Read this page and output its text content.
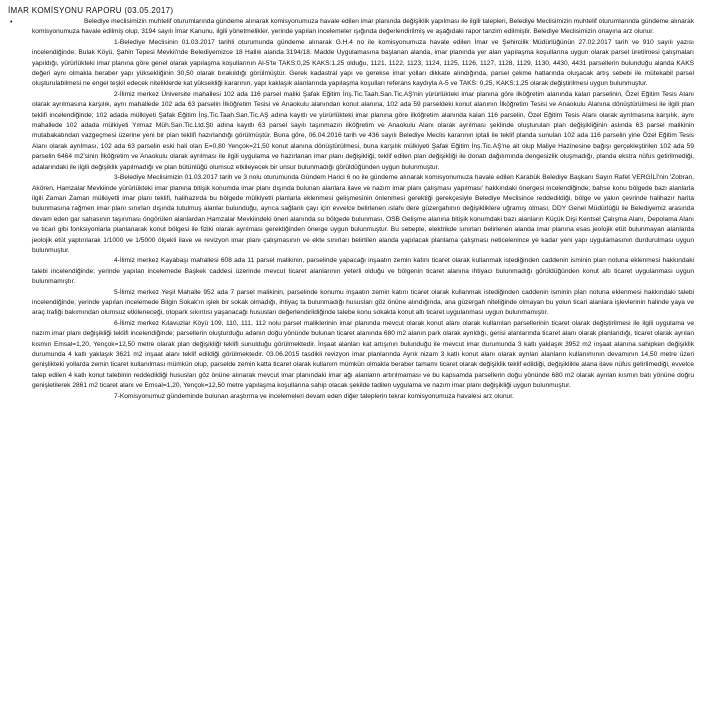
İMAR KOMİSYONU RAPORU (03.05.2017)
•	Belediye meclisimizin muhtelif oturumlarında gündeme alınarak komisyonumuza havale edilen imar planında değişiklik yapılması ile ilgili talepleri, Belediye Meclisimizin muhtelif oturumlarında gündeme alınarak komisyonumuza havale edilmiş olup, 3194 sayılı İmar Kanunu, ilgili yönetmelikler, yerinde yapılan incelemeler ışığında değerlendirilmiş ve aşağıdaki rapor tanzim edilmiştir. Belediye Meclisimizin onayına arz olunur.

1-Belediye Meclisinin 01.03.2017 tarihli oturumunda gündeme alınarak G.H.4 no ile komisyonumuza havale edilen İmar ve Şehircilik Müdürlüğünün 27.02.2017 tarih ve 910 sayılı yazısı incelendiğinde; Bulak Köyü, Şahin Tepesi Mevkii'nde Belediyemizce 18 Hallık alanda 3194/18. Madde Uygulamasına başlanan alanda, imar planında yer alan yapılaşma koşullarına uygun olarak parsel üretilmesi çalışmaları yapıldığı, yürürlükteki imar planına göre genel olarak yapılaşma koşullarının Al-5'te TAKS:0,25 KAKS:1,25 olduğu, 1121, 1122, 1123, 1124, 1125, 1126, 1127, 1128, 1129, 1130, 4430, 4431 parsellerin bulunduğu alanda KAKS değeri aynı olmakla beraber yapı yüksekliğinin 30,50 olarak bırakıldığı görülmüştür. Gerek kadastral yapı ve gerekse imar yolları dikkate alındığında, parsel çekme hatlarında oluşacak artış sebebi ile mütekabil parsel oluşturulabilmesi ne engel teşkil edecek niteliklerde kat yüksekliği kararının, yapı kaklaşık alanlarında yapılaşma koşulları referans kaydıyla A-5 ve TAKS: 0,25, KAKS:1,25 olarak değiştirilmesi uygun bulunmuştur.

2-İlimiz merkez Üniversite mahallesi 102 ada 116 parsel maliki Şafak Eğitim İnş.Tic.Taah.San.Tic.AŞ'nin yürürlükteki imar planına göre ilköğretim alanında kalan parselinin, Özel Eğitim Tesis Alanı olarak ayrılmasına karşılık, aynı mahallede 102 ada 63 parselin İlköğretim Tesisi ve Anaokulu alanından konut alanına, 102 ada 59 parseldeki konut alanının İlköğretim Tesisi ve Anaokulu Alanına dönüştürülmesi ile ilgili plan teklifi incelendiğinde; 102 adada mülkiyeti Şafak Eğitim İnş.Tic.Taah.San.Tic.AŞ adına kayıtlı ve yürürlükteki imar planına göre ilköğretim alanında kalan 116 parselin, Özel Eğitim Tesis Alanı olarak ayrılmasına karşılık, aynı mahallede 102 adada mülkiyeti Yılmaz Müh.San.Tic.Ltd.Şti adına kayıtlı 63 parsel sayılı taşınmazın ilköğretim ve Anaokulu Alanı olarak ayrılması şeklinde oluşturulan plan değişikliğinin aslında 63 parsel malikinin mutabakatından vazgeçmesi üzerine yeni bir plan teklifi hazırlandığı görülmüştür. Buna göre, 06.04.2016 tarih ve 436 sayılı Belediye Meclis kararının iptali ile teklif planda sunulan 102 ada 116 parselin yine Özel Eğitim Tesis Alanı olarak ayrılması, 102 ada 63 parselin eski hali olan E=0,80 Yençok=21,50 konut alanına dönüştürülmesi, buna karşılık mülkiyeti Şafak Eğitim İnş.Tic.AŞ'ne ait olup Maliye Hazinesine bağışı gerçekleştirilen 102 ada 59 parselin 6464 m2'sinin İlköğretim ve Anaokulu olarak ayrılması ile ilgili uygulama ve hazırlanan imar planı değişikliği, teklif edilen plan değişikliği ile donatı dağılımında dengesizlik oluşmadığı, planda ekstra nüfus getirilmediği, adalarındaki ile ilgili değişiklik yapılmadığı ve plan bütünlüğü olumsuz etkileyecek bir unsur bulunmadığı görüldüğünden uygun bulunmuştur.

3-Belediye Meclisimizin 01.03.2017 tarih ve 3 nolu oturumunda Gündem Harici 6 no ile gündeme alınarak komisyonumuza havale edilen Karabük Belediye Başkanı Sayın Rafet VERGİLİ'nin 'Zobran, Akören, Hamzalar Mevkiinde yürürlükteki imar planına bitişik konumda imar planı dışında bulunan alanlara ilave ve nazım imar planı çalışması yapılması' hakkındaki önergesi incelendiğinde; bahse konu bölgede bazı alanlarla ilgili Zaman Zaman mülkiyetli imar planı teklifi, halihazırda bu bölgede mülkiyetli planlarla eklenmesi gelişmesinin önlenmesi gerektiği gerekçesiyle Belediye Meclisince reddedildiği, bölge ve yakın çevrinde halihazır harita bulunmasına rağmen imar planı sınırları dışında tutulmuş alanlar bulunduğu, ayrıca sağlanlı çayı için evvelce belirlenen ıslahı dere güzergahının değişikliklere uğramış olması, DDY Genel Müdürlüğü ile Belediyemiz arasında devam eden gar sahasının taşınması öngörülen alanlardan Hamzalar Mevkiindeki öneri alanında su bölgede bulunması, OSB Gelişme alanına bitişik konumdaki bazı alanların Küçük Dişi Kentsel Çalışma Alanı, Depolama Alanı ve ticari gibi fonksiyonlarla planlanarak konut bölgesi ile fiziki olarak ayrılması gerektiğinden önerge uygun bulunmuştur. Bu sebeple, elektrikde sınırları belirlenen alanda imar planına esas jeolojik etüt bulunmayan alanlarda jeolojik etüt yaptırılarak 1/1000 ve 1/5000 ölçekli ilave ve revizyon imar planı çalışmasının ve ekte sınırları belirtilen alanda yapılacak planlama çalışması neticelenince ye kadar yeni yapı uygulamasının durdurulması uygun bulunmuştur.

4-İlimiz merkez Kayabaşı mahallesi 608 ada 11 parsel malikinin, parselinde yapacağı inşaatın zemin katını ticaret olarak kullanmak istediğinden caddenin isminin plan notuna eklenmesi hakkındaki talebi incelendiğinde; yerinde yapılan incelemede Başkek caddesi üzerinde mevcut ticaret alanlarının yeterli olduğu ve bölgenin ticaret alanına ihtiyacı bulunmadığı görüldüğünden konut altı ticaret uygulanması uygun bulunmamıştır.

5-İlimiz merkez Yeşil Mahalle 952 ada 7 parsel malikinin, parselinde konumu inşaatın zemin katını ticaret olarak kullanmak istediğinden caddenin isminin plan notuna eklenmesi hakkındaki talebi incelendiğinde; yerinde yapılan incelemede Bilgin Sokak'ın işlek bir sokak olmadığı, ihtiyaç ta bulunmadığı hususları göz önüne alındığında, ana güzergah niteliğinde olmayan bu yolun ticari alanlara işlevlerinin halinde yaya ve araç trafiği bakımından olumsuz etkileneceği, otopark sıkıntısı yaşanacağı hususları değerlendirildiğinde talebe konu sokakta konut altı ticaret uygulanması uygun bulunmamıştır.

6-İlimiz merkez Kılavuzlar Köyü 109, 110, 111, 112 nolu parsel maliklerinin imar planında mevcut olarak konut alanı olarak kullanılan parsellerinin ticaret olarak değiştirilmesi ile ilgili uygulama ve nazım imar planı değişikliği teklifi incelendiğinde; parsellerin oluşturduğu adanın doğu yönünde bulunan ticaret alanında 680 m2 alanın park olarak ayrıldığı, gerisi alanlarında ticaret alanı olarak planlandığı, ticaret olarak ayrılan kısmın Emsal=1,20, Yençok=12,50 metre olarak plan değişikliği teklifi sunulduğu görülmektedir. İnşaat alanları kat artışının bulunduğu ile mevcut imar durumunda 3 katlı yaklaşık 3952 m2 inşaat alanına sahipken değişiklik durumunda 4 katlı yaklaşık 3621 m2 inşaat alanı teklif edildiği görülmektedir. 03.06.2015 tasdikli revizyon imar planlarında Ayrık nizam 3 katlı konut alanı olarak ayrılan alanların kullanımının devamının 14,50 metre üzeri genişlikteki yollarda zemin ticaret kullanılması mümkün olup, parselde zemin katta ticaret olarak kullanım mümkün olmakla beraber tamamı ticaret olarak değişiklik teklif edildiği, değişiklikle alana ilave nüfus getirilmediği, evvelce talep edilen 4 katlı konut talebinin reddedildiği hususları göz önüne alınarak mevcut imar planındaki imar ağı alanların artırılmaması ve bu kapsamda parsellerin doğu yönünde 680 m2 olarak ayrılan kısmın batı yönüne doğru genişletilerek 2861 m2 ticaret alanı ve Emsal=1,20, Yençok=12,50 metre yapılaşma koşullarına sahip olacak şekilde tadilen uygulama ve nazım imar planı değişikliği uygun bulunmuştur.

7-Komisyonumuz gündeminde bulunan araştırma ve incelemeleri devam eden diğer taleplerin tekrar komisyonumuza havalesi arz olunur.
